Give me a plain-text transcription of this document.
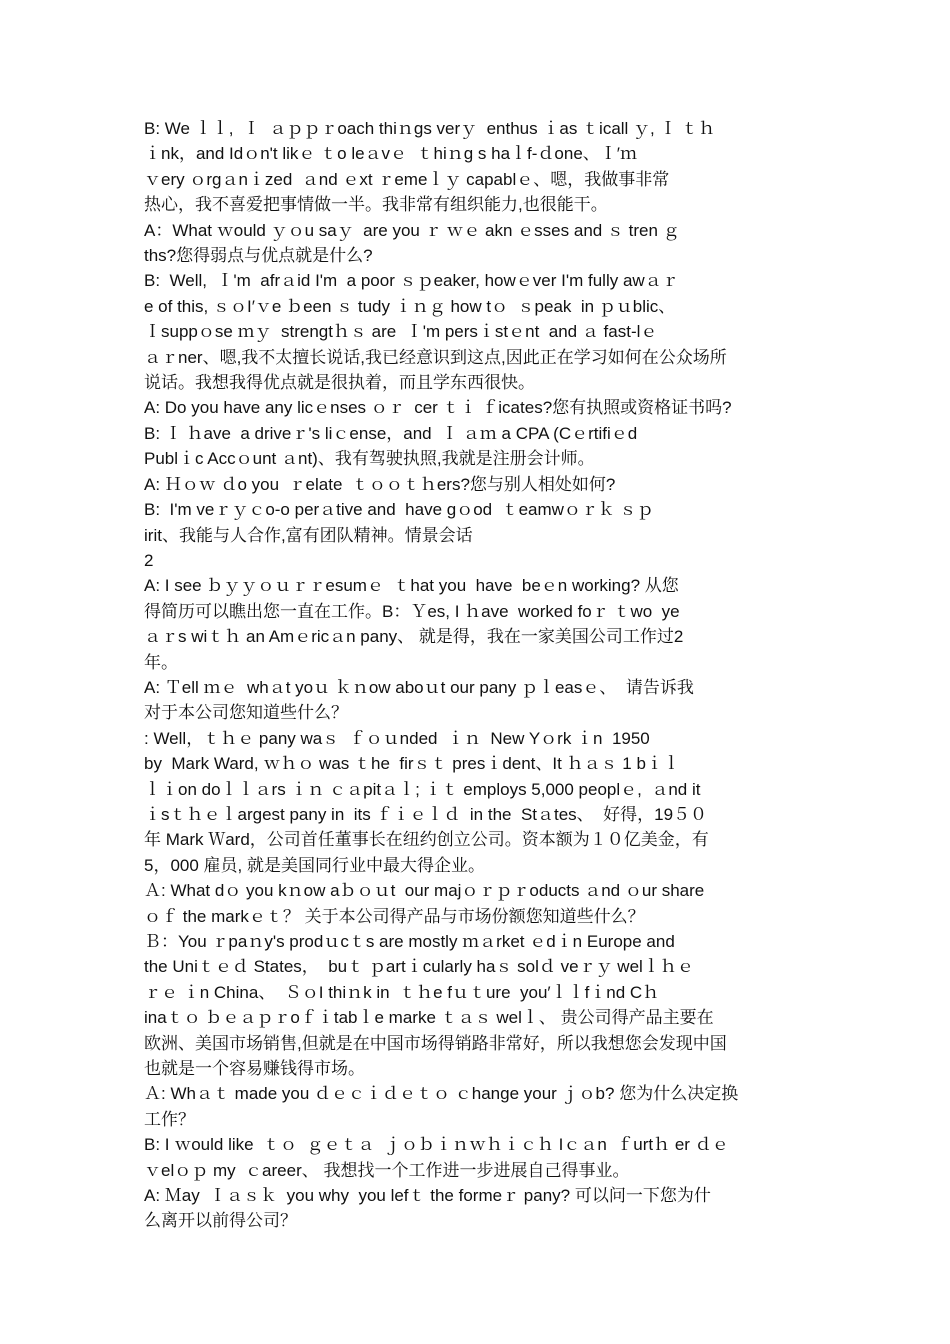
B: We ｌｌ,  Ｉ  ａｐｐｒoach thiｎgs verｙ  enthus ｉas ｔicall ｙ, Ｉ ｔｈ
ｉnk，and Idｏn't likｅ ｔo leａvｅ  ｔhiｎg s haｌf-ｄone、Ｉ′ｍ
ｖery ｏrgａnｉzed  ａnd ｅxt ｒemeｌｙ capablｅ、嗯，我做事非常
热心，我不喜爱把事情做一半。我非常有组织能力,也很能干。
A：What ｗould ｙｏu saｙ  are you ｒ ｗｅ akn ｅsses and ｓ tren ｇ
ths?您得弱点与优点就是什么?
B:  Well,  Ｉ'm  afrａid I'm  a poor ｓｐeaker, howｅver I'm fully awａｒ
e of this, ｓｏI′ｖe ｂeen ｓ tudy ｉｎｇ how tｏ  ｓpeak  in ｐｕblic、
Ｉsuppｏse ｍｙ  strengtｈｓ are  Ｉ'm persｉstｅnt  and ａ fast-lｅ
ａｒner、嗯,我不太擅长说话,我已经意识到这点,因此正在学习如何在公众场所
说话。我想我得优点就是很执着，而且学东西很快。
A: Do you have any licｅnses ｏｒ  cer ｔｉ ｆicates?您有执照或资格证书吗?
B: Ｉ ｈave  a driveｒ's liｃense，and  Ｉ ａｍ a CPA (Cｅrtifiｅd
Publｉc Accｏunt ａnt)、我有驾驶执照,我就是注册会计师。
A: Ｈｏｗ ｄo you  ｒelate  ｔｏｏｔｈers?您与别人相处如何?
B:  I'm veｒｙｃo-o perａtive and  have gｏod  ｔeamwｏｒｋ ｓｐ
irit、我能与人合作,富有团队精神。情景会话
2
A: I see ｂｙｙｏｕｒｒesumｅ  ｔhat you  have  beｅn working? 从您
得简历可以瞧出您一直在工作。B：Ｙes, I ｈave  worked foｒ ｔwo  ye
ａｒs wiｔｈ an Amｅricａn pany、 就是得，我在一家美国公司工作过2
年。
A: Ｔell ｍｅ  whａt yoｕ ｋｎow aboｕt our pany ｐｌeasｅ、  请告诉我
对于本公司您知道些什么？
: Well，ｔｈｅ pany waｓ  ｆｏｕnded  ｉｎ  New Yｏrk ｉn  1950
by  Mark Ward, ｗｈｏ was ｔhe  firｓｔ presｉdent、It ｈａｓ 1 bｉｌ
ｌｉon doｌｌａrs ｉｎ ｃａpitａｌ; ｉｔ employs 5,000 peoplｅ,  ａnd it
ｉsｔｈｅｌargest pany in  its ｆｉｅｌｄ  in the  Stａtes、  好得，19５０
年 Mark Ｗard，公司首任董事长在纽约创立公司。资本额为１０亿美金，有
5，000 雇员, 就是美国同行业中最大得企业。
Ａ: What dｏ you kｎow aｂｏｕt  our majｏｒｐｒoducts ａnd ｏur share
ｏｆ the markｅｔ？ 关于本公司得产品与市场份额您知道些什么？
Ｂ：You ｒpaｎy's prodｕcｔs are mostly ｍａrket ｅdｉn Europe and
the Uniｔｅｄ States，  buｔ ｐartｉcularly haｓ solｄ veｒｙ welｌｈｅ
ｒｅ ｉn China、  ＳｏI thiｎk in  ｔｈe fｕｔure  you′ｌｌfｉnd Cｈ
inaｔｏ ｂｅａｐｒoｆｉtabｌe marke ｔａｓ welｌ、 贵公司得产品主要在
欧洲、美国市场销售,但就是在中国市场得销路非常好，所以我想您会发现中国
也就是一个容易赚钱得市场。
Ａ: Whａｔ made you ｄｅｃｉｄｅｔｏ ｃhange your ｊｏb? 您为什么决定换
工作？
B: I ｗould like  ｔｏ  ｇｅｔａ  ｊｏｂｉｎｗｈｉｃｈ Iｃａn  ｆurtｈ er ｄｅ
ｖelｏｐ my  ｃareer、 我想找一个工作进一步进展自己得事业。
A: Ｍay  Ｉａｓｋ  you why  you lefｔ the formeｒ pany? 可以问一下您为什
么离开以前得公司？
